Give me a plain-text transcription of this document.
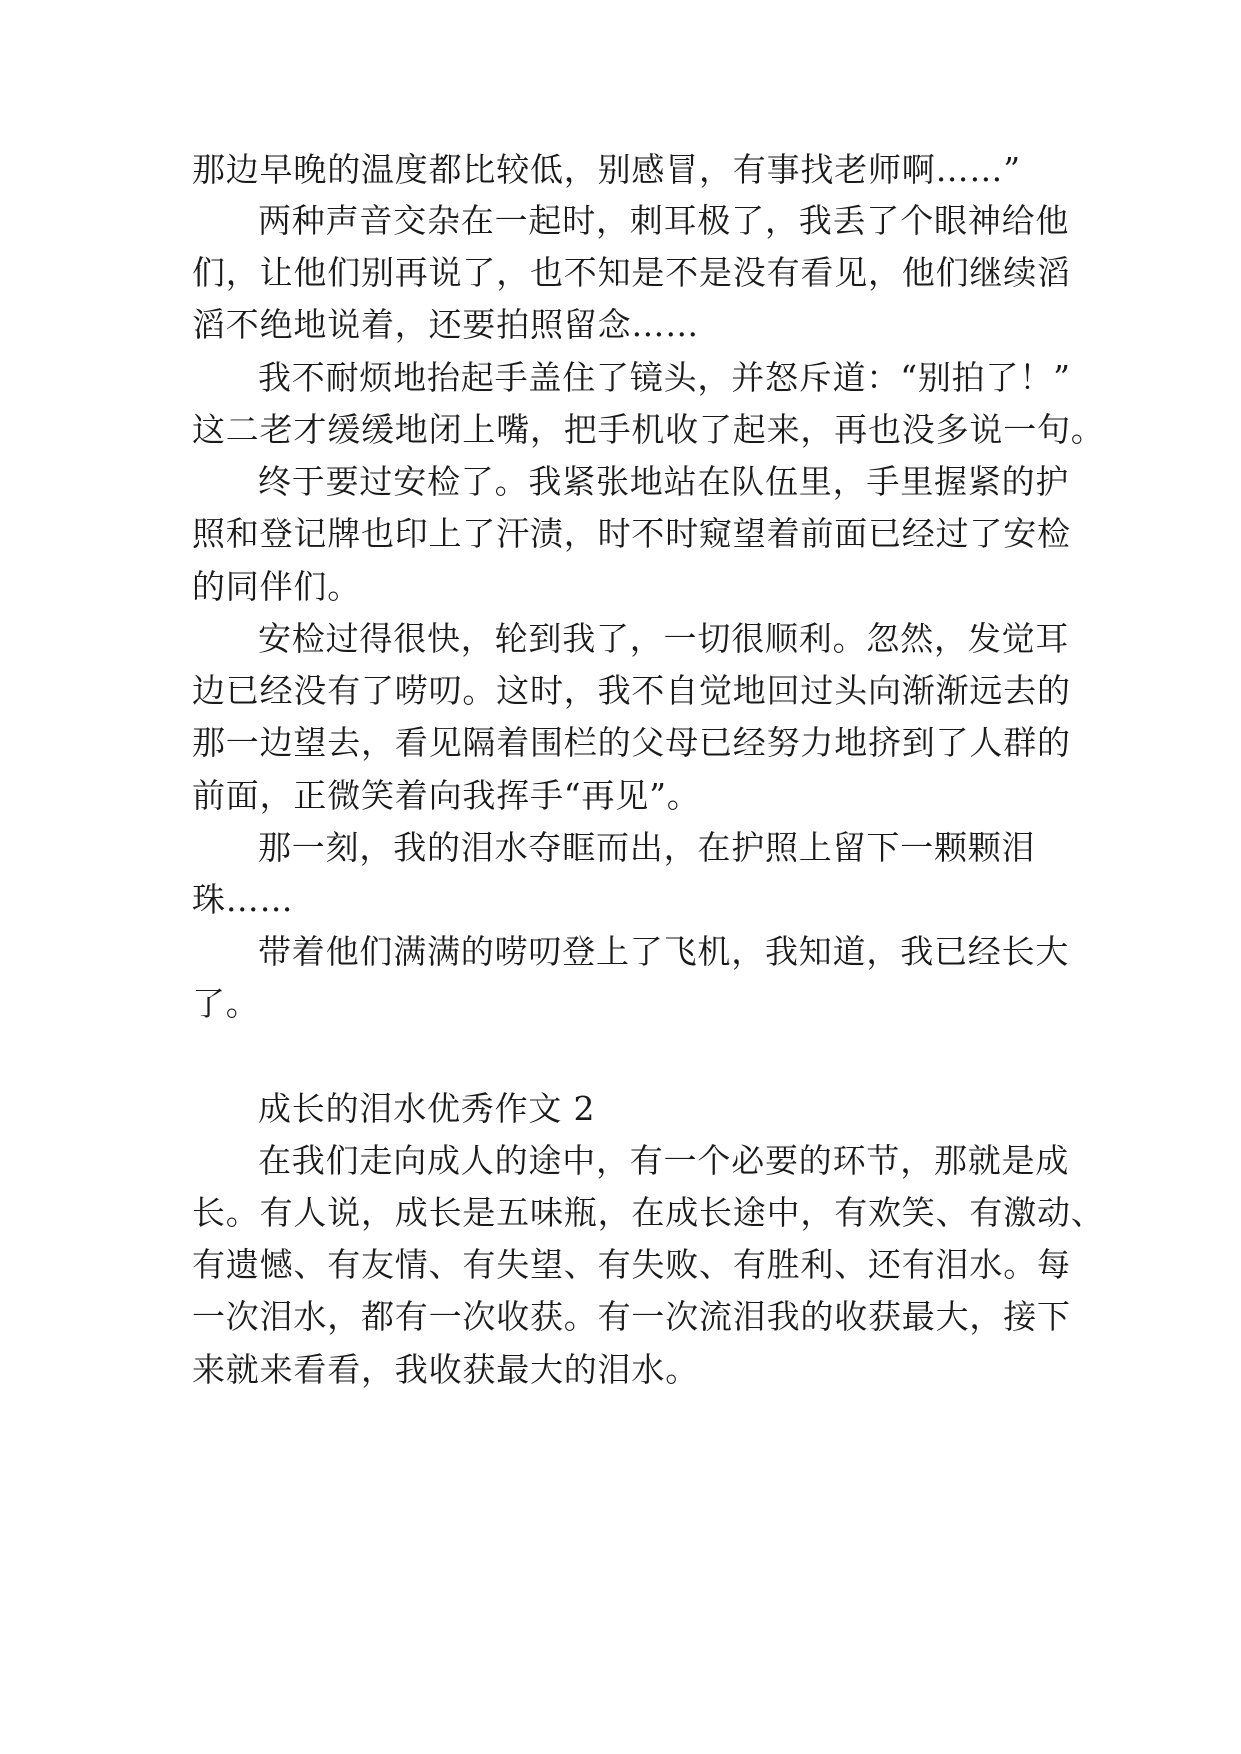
那边早晚的温度都比较低，别感冒，有事找老师啊……”

两种声音交杂在一起时，刺耳极了，我丢了个眼神给他

们，让他们别再说了，也不知是不是没有看见，他们继续滔

滔不绝地说着，还要拍照留念……

我不耐烦地抬起手盖住了镜头，并怒斥道：“别拍了！”

这二老才缓缓地闭上嘴，把手机收了起来，再也没多说一句。

终于要过安检了。我紧张地站在队伍里，手里握紧的护

照和登记牌也印上了汗渍，时不时窥望着前面已经过了安检

的同伴们。

安检过得很快，轮到我了，一切很顺利。忽然，发觉耳

边已经没有了唠叨。这时，我不自觉地回过头向渐渐远去的

那一边望去，看见隔着围栏的父母已经努力地挤到了人群的

前面，正微笑着向我挥手“再见”。

那一刻，我的泪水夺眶而出，在护照上留下一颗颗泪

珠……

带着他们满满的唠叨登上了飞机，我知道，我已经长大

了。

成长的泪水优秀作文 2

在我们走向成人的途中，有一个必要的环节，那就是成

长。有人说，成长是五味瓶，在成长途中，有欢笑、有激动、

有遗憾、有友情、有失望、有失败、有胜利、还有泪水。每

一次泪水，都有一次收获。有一次流泪我的收获最大，接下

来就来看看，我收获最大的泪水。
